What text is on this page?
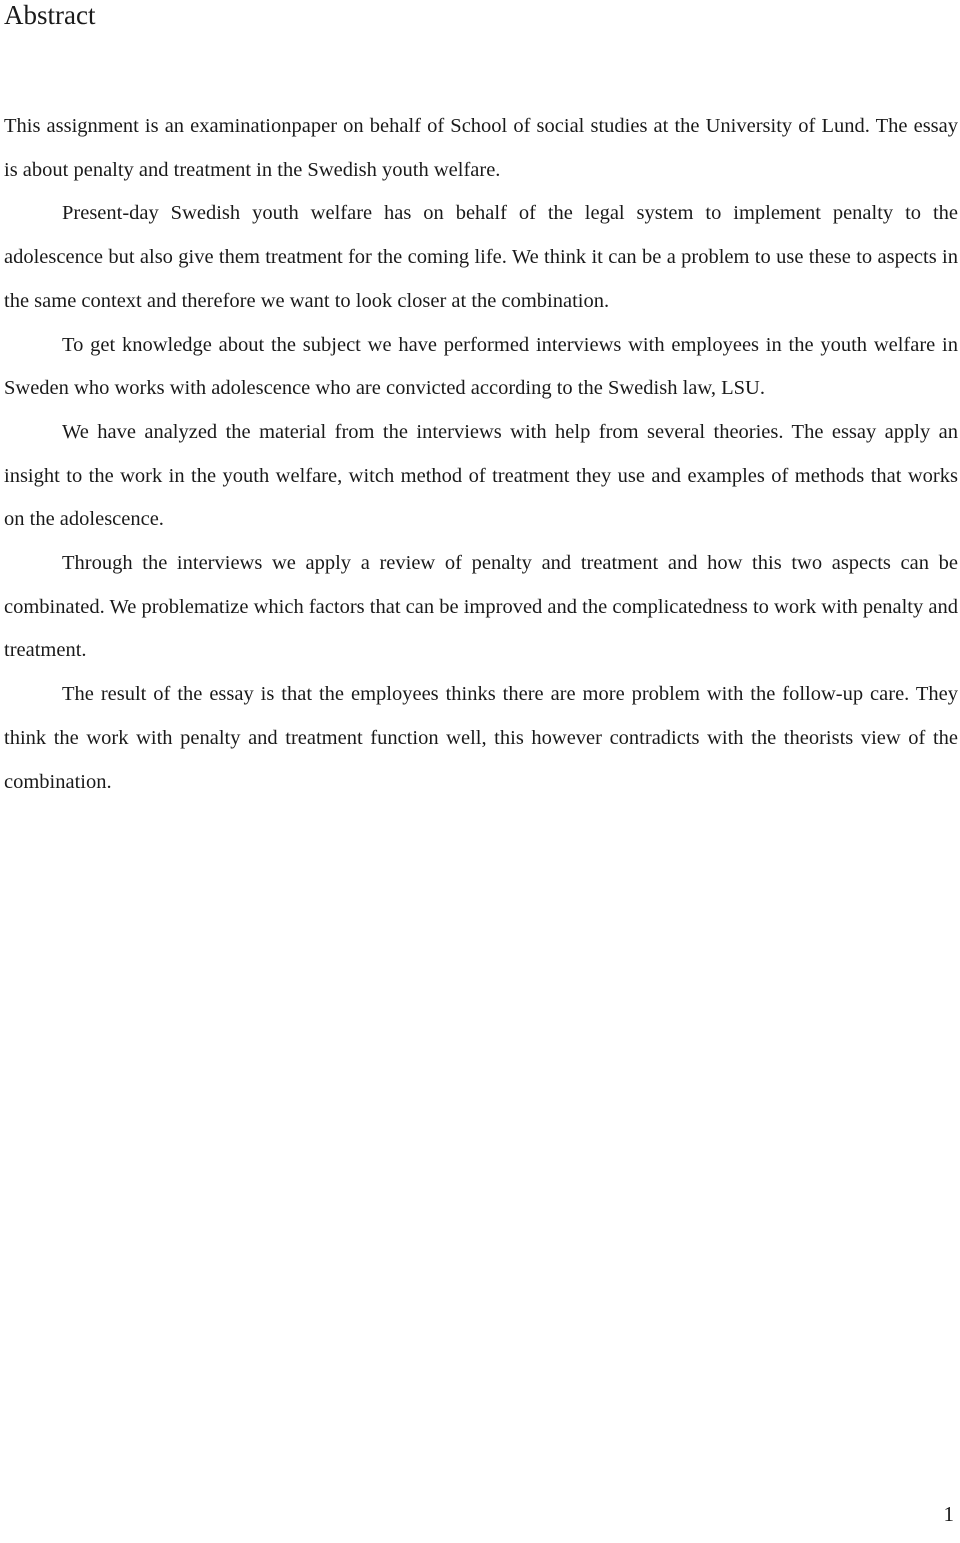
Abstract

This assignment is an examinationpaper on behalf of School of social studies at the University of Lund. The essay is about penalty and treatment in the Swedish youth welfare.

Present-day Swedish youth welfare has on behalf of the legal system to implement penalty to the adolescence but also give them treatment for the coming life. We think it can be a problem to use these to aspects in the same context and therefore we want to look closer at the combination.

To get knowledge about the subject we have performed interviews with employees in the youth welfare in Sweden who works with adolescence who are convicted according to the Swedish law, LSU.

We have analyzed the material from the interviews with help from several theories. The essay apply an insight to the work in the youth welfare, witch method of treatment they use and examples of methods that works on the adolescence.

Through the interviews we apply a review of penalty and treatment and how this two aspects can be combinated. We problematize which factors that can be improved and the complicatedness to work with penalty and treatment.

The result of the essay is that the employees thinks there are more problem with the follow-up care. They think the work with penalty and treatment function well, this however contradicts with the theorists view of the combination.

1
